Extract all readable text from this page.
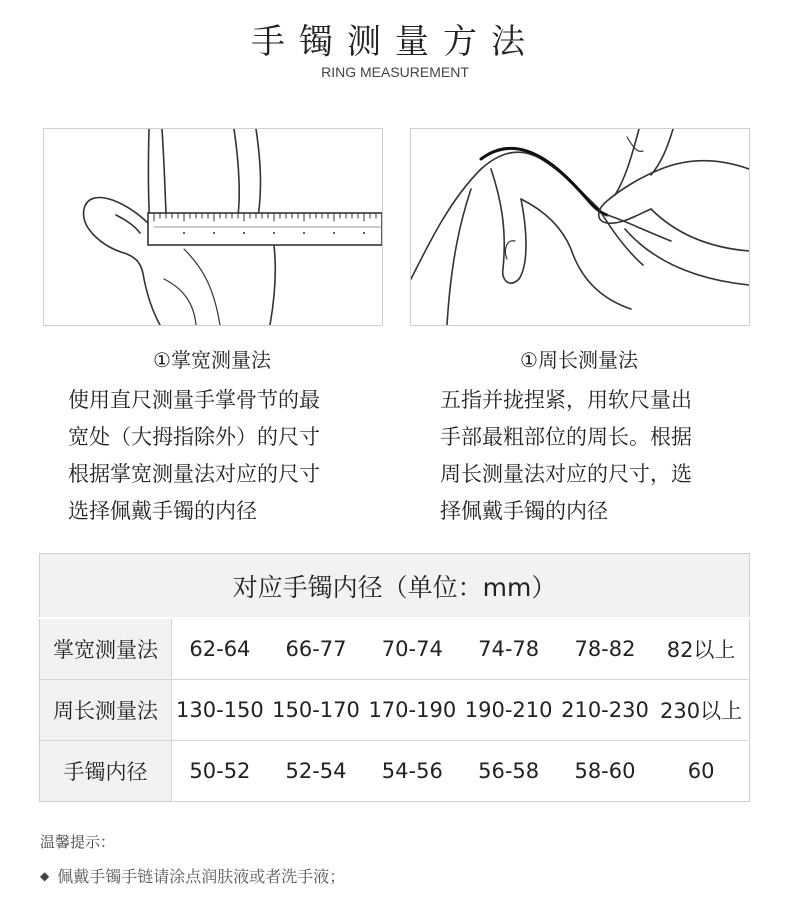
手镯测量方法
RING MEASUREMENT
①掌宽测量法
使用直尺测量手掌骨节的最
宽处（大拇指除外）的尺寸
根据掌宽测量法对应的尺寸
选择佩戴手镯的内径
①周长测量法
五指并拢捏紧，用软尺量出
手部最粗部位的周长。根据
周长测量法对应的尺寸，选
择佩戴手镯的内径
对应手镯内径（单位：mm）						
掌宽测量法	62-64	66-77	70-74	74-78	78-82	82以上
周长测量法	130-150	150-170	170-190	190-210	210-230	230以上
手镯内径	50-52	52-54	54-56	56-58	58-60	60
温馨提示：
◆ 佩戴手镯手链请涂点润肤液或者洗手液；
